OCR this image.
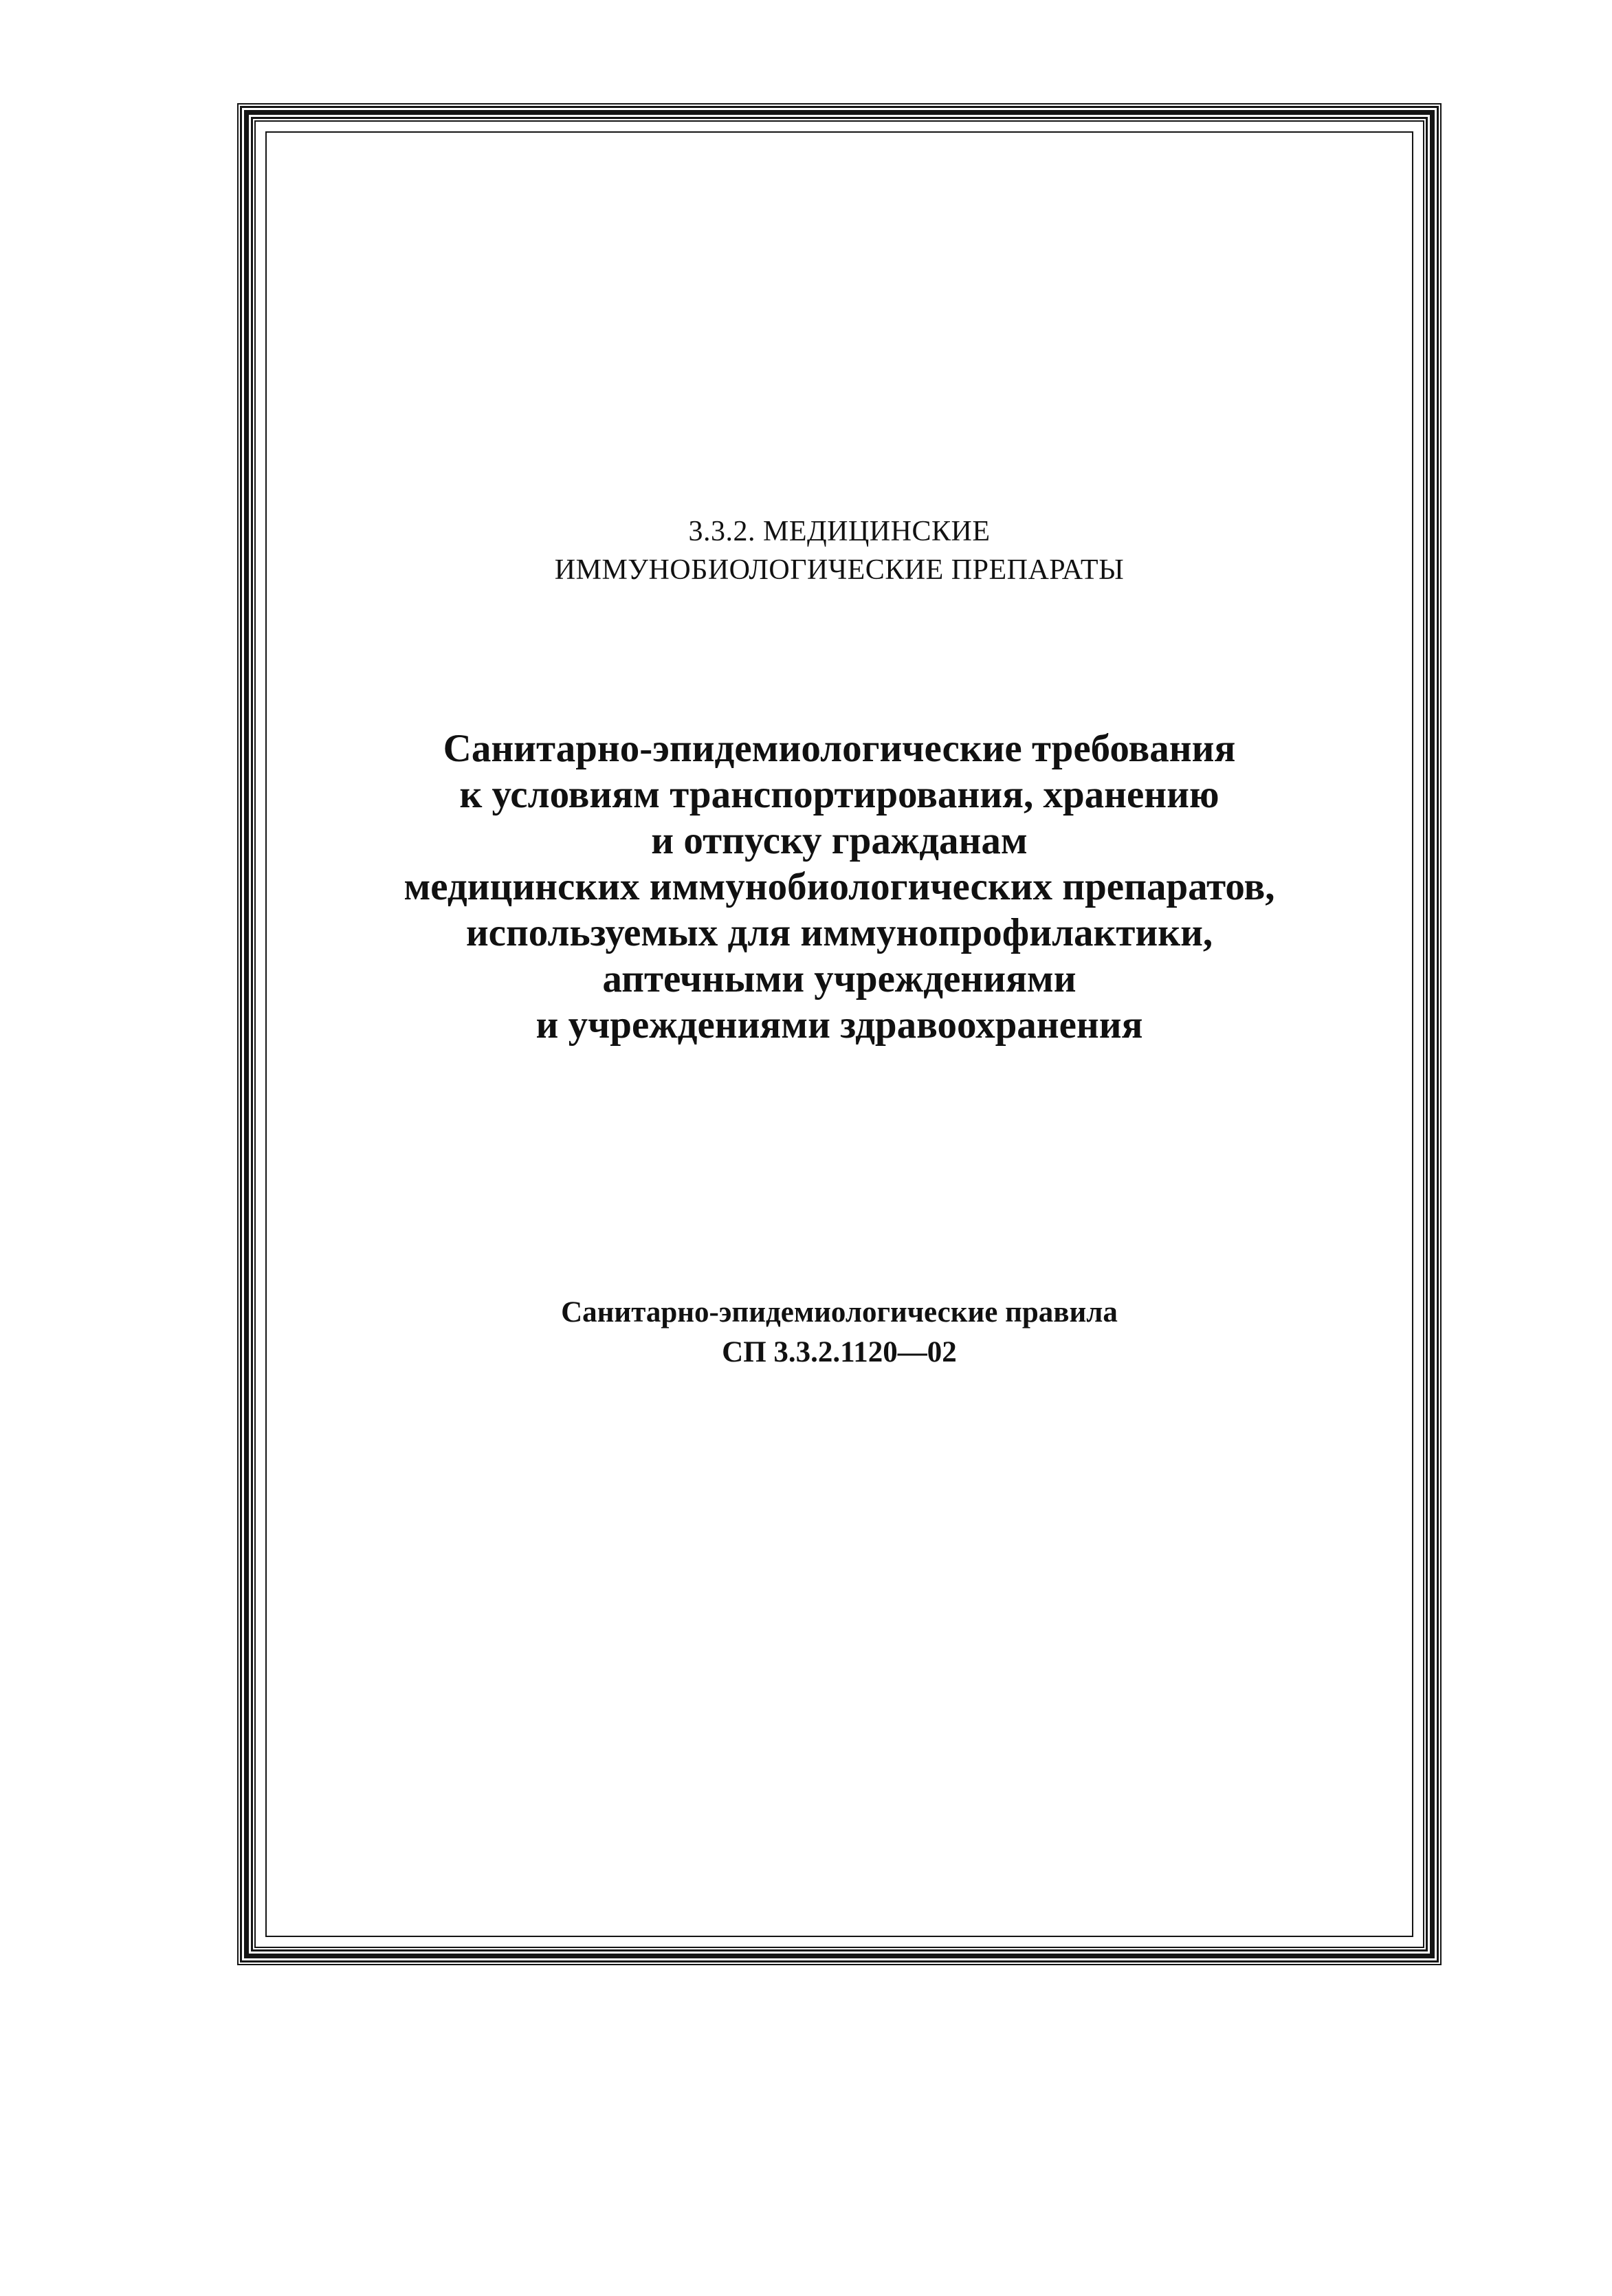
3.3.2. МЕДИЦИНСКИЕ
ИММУНОБИОЛОГИЧЕСКИЕ ПРЕПАРАТЫ
Санитарно-эпидемиологические требования
к условиям транспортирования, хранению
и отпуску гражданам
медицинских иммунобиологических препаратов,
используемых для иммунопрофилактики,
аптечными учреждениями
и учреждениями здравоохранения
Санитарно-эпидемиологические правила
СП 3.3.2.1120—02
